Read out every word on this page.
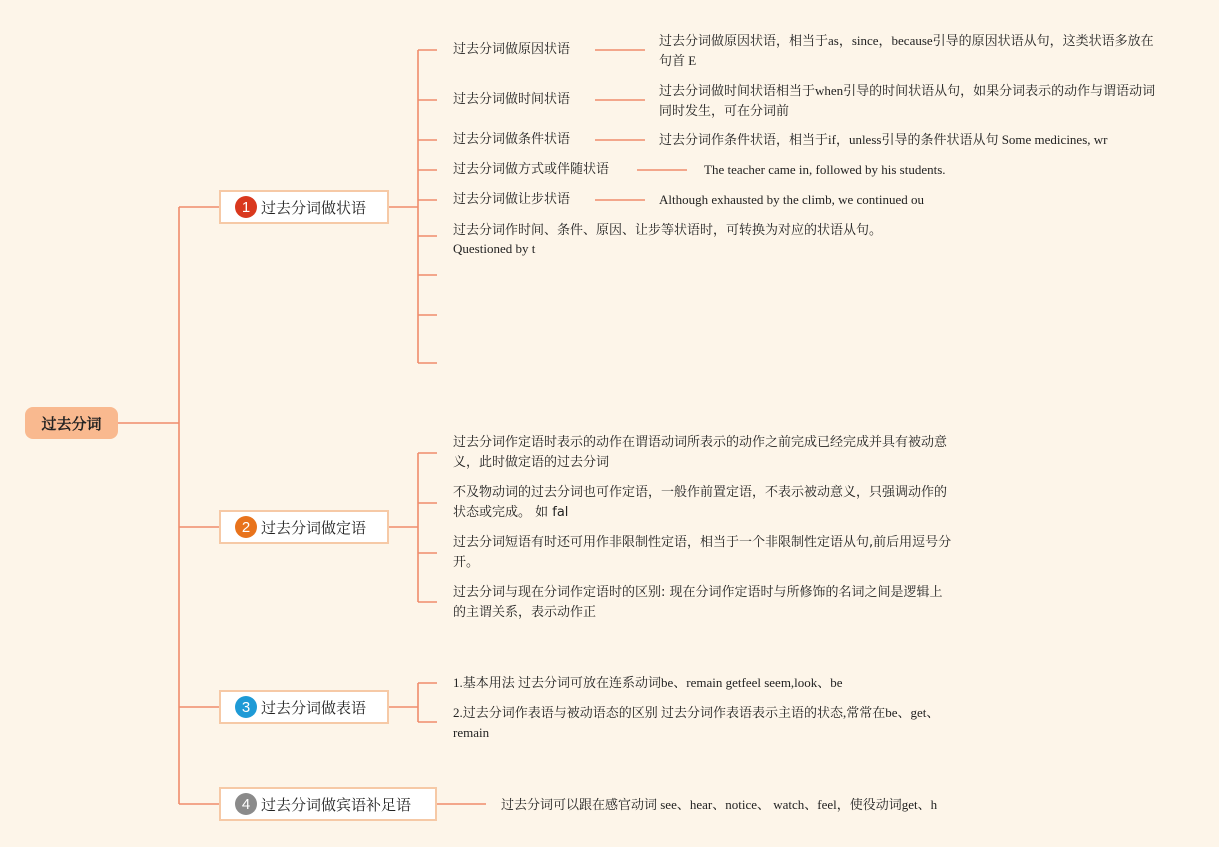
过去分词
1 过去分词做状语
过去分词做原因状语
过去分词做原因状语，相当于as，since，because引导的原因状语从句，这类状语多放在句首 E
过去分词做时间状语
过去分词做时间状语相当于when引导的时间状语从句，如果分词表示的动作与谓语动词同时发生，可在分词前
过去分词做条件状语	过去分词作条件状语，相当于if，unless引导的条件状语从句 Some medicines, wr
过去分词做方式或伴随状语	The teacher came in, followed by his students.
过去分词做让步状语	Although exhausted by the climb, we continued ou
过去分词作时间、条件、原因、让步等状语时，可转换为对应的状语从句。
Questioned by t
2 过去分词做定语
过去分词作定语时表示的动作在谓语动词所表示的动作之前完成已经完成并具有被动意义，此时做定语的过去分词
不及物动词的过去分词也可作定语，一般作前置定语，不表示被动意义，只强调动作的状态或完成。 如 fal
过去分词短语有时还可用作非限制性定语，相当于一个非限制性定语从句,前后用逗号分开。
过去分词与现在分词作定语时的区别: 现在分词作定语时与所修饰的名词之间是逻辑上的主谓关系，表示动作正
3 过去分词做表语
1.基本用法 过去分词可放在连系动词be、remain getfeel seem,look、be
2.过去分词作表语与被动语态的区别 过去分词作表语表示主语的状态,常常在be、get、 remain
4 过去分词做宾语补足语	过去分词可以跟在感官动词 see、hear、notice、 watch、feel，使役动词get、h
